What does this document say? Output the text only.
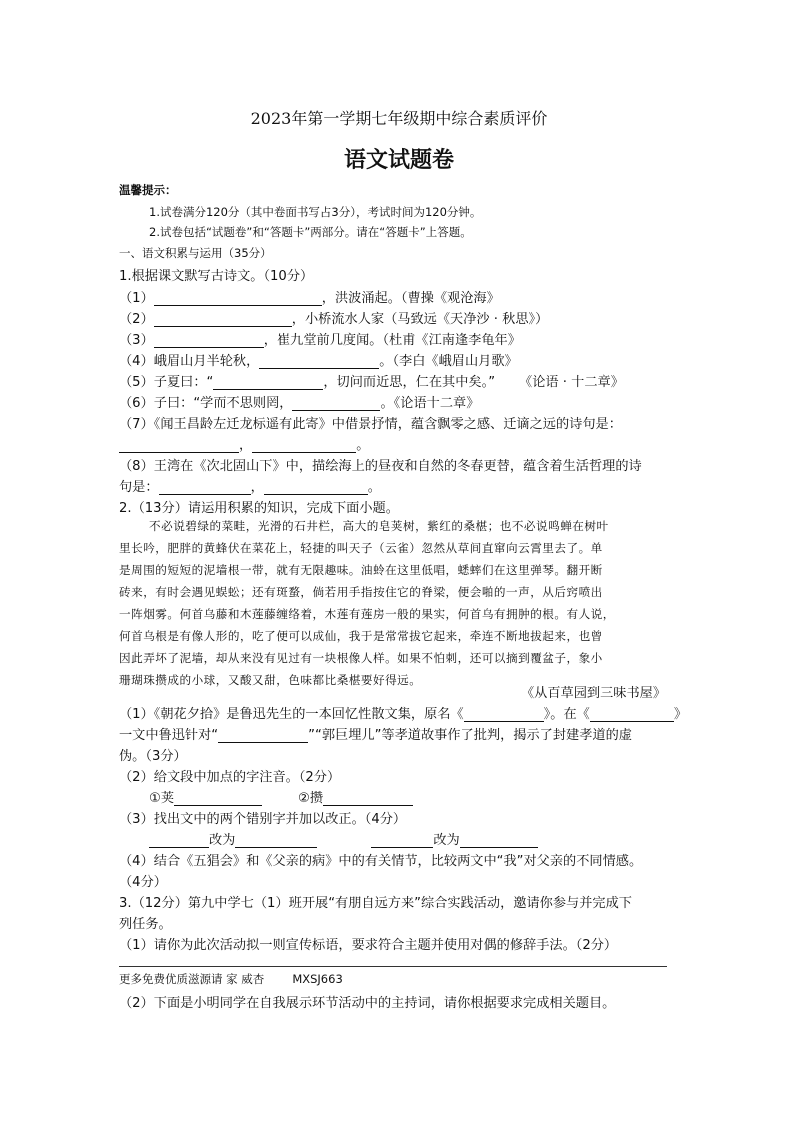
2023年第一学期七年级期中综合素质评价
语文试题卷
温馨提示：
1.试卷满分120分（其中卷面书写占3分），考试时间为120分钟。
2.试卷包括“试题卷”和“答题卡”两部分。请在“答题卡”上答题。
一、语文积累与运用（35分）
1.根据课文默写古诗文。（10分）
（1）	，洪波涌起。（曹操《观沧海》
（2）	，小桥流水人家（马致远《天净沙 · 秋思》）
（3）	，崔九堂前几度闻。（杜甫《江南逢李龟年》
（4）峨眉山月半轮秋，	。（李白《峨眉山月歌》
（5）子夏曰：“	，切问而近思，仁在其中矣。” 《论语 · 十二章》
（6）子曰：“学而不思则罔，	。《论语十二章》
（7）《闻王昌龄左迁龙标遥有此寄》中借景抒情，蕴含飘零之感、迁谪之远的诗句是：
，	。
（8）王湾在《次北固山下》中，描绘海上的昼夜和自然的冬春更替，蕴含着生活哲理的诗
句是：	，	。
2.（13分）请运用积累的知识，完成下面小题。
不必说碧绿的菜畦，光滑的石井栏，高大的皂荚树，紫红的桑椹；也不必说鸣蝉在树叶
里长吟，肥胖的黄蜂伏在菜花上，轻捷的叫天子（云雀）忽然从草间直窜向云霄里去了。单
是周围的短短的泥墙根一带，就有无限趣味。油蛉在这里低唱，蟋蟀们在这里弹琴。翻开断
砖来，有时会遇见蜈蚣；还有斑蝥，倘若用手指按住它的脊梁，便会啪的一声，从后窍喷出
一阵烟雾。何首乌藤和木莲藤缠络着，木莲有莲房一般的果实，何首乌有拥肿的根。有人说，
何首乌根是有像人形的，吃了便可以成仙，我于是常常拔它起来，牵连不断地拔起来，也曾
因此弄坏了泥墙，却从来没有见过有一块根像人样。如果不怕刺，还可以摘到覆盆子，象小
珊瑚珠攒成的小球，又酸又甜，色味都比桑椹要好得远。
《从百草园到三味书屋》
（1）《朝花夕拾》是鲁迅先生的一本回忆性散文集，原名《	》。在《	》
一文中鲁迅针对“	”“郭巨埋儿”等孝道故事作了批判，揭示了封建孝道的虚
伪。（3分）
（2）给文段中加点的字注音。（2分）
①荚	②攒
（3）找出文中的两个错别字并加以改正。（4分）
改为	改为
（4）结合《五猖会》和《父亲的病》中的有关情节，比较两文中“我”对父亲的不同情感。
（4分）
3.（12分）第九中学七（1）班开展“有朋自远方来”综合实践活动，邀请你参与并完成下
列任务。
（1）请你为此次活动拟一则宣传标语，要求符合主题并使用对偶的修辞手法。（2分）
更多免费优质滋源请 家 威杏 MXSJ663
（2）下面是小明同学在自我展示环节活动中的主持词，请你根据要求完成相关题目。
